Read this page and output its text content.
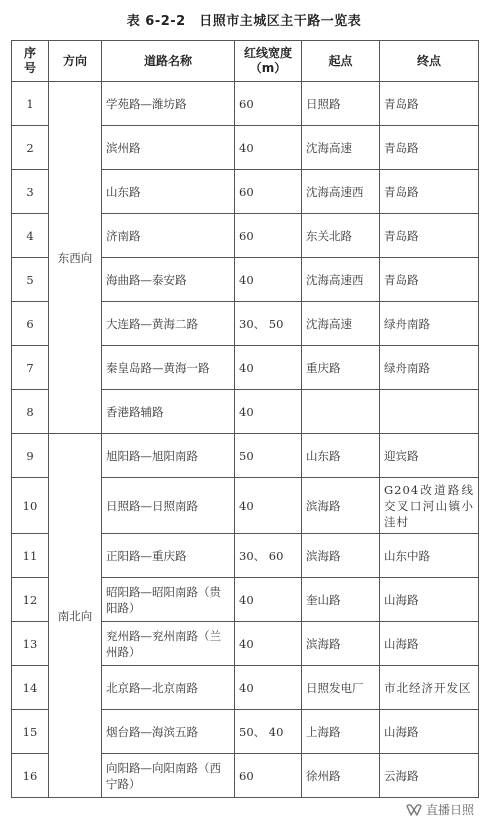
表 6-2-2　日照市主城区主干路一览表
序号	方向	道路名称	红线宽度（m）	起点	终点
1	东西向	学苑路—潍坊路	60	日照路	青岛路
2		滨州路	40	沈海高速	青岛路
3		山东路	60	沈海高速西	青岛路
4		济南路	60	东关北路	青岛路
5		海曲路—泰安路	40	沈海高速西	青岛路
6		大连路—黄海二路	30、 50	沈海高速	绿舟南路
7		秦皇岛路—黄海一路	40	重庆路	绿舟南路
8		香港路辅路	40		
9	南北向	旭阳路—旭阳南路	50	山东路	迎宾路
10		日照路—日照南路	40	滨海路	G204改道路线交叉口河山镇小洼村
11		正阳路—重庆路	30、 60	滨海路	山东中路
12		昭阳路—昭阳南路（贵阳路）	40	奎山路	山海路
13		兖州路—兖州南路（兰州路）	40	滨海路	山海路
14		北京路—北京南路	40	日照发电厂	市北经济开发区
15		烟台路—海滨五路	50、 40	上海路	山海路
16		向阳路—向阳南路（西宁路）	60	徐州路	云海路
直播日照
